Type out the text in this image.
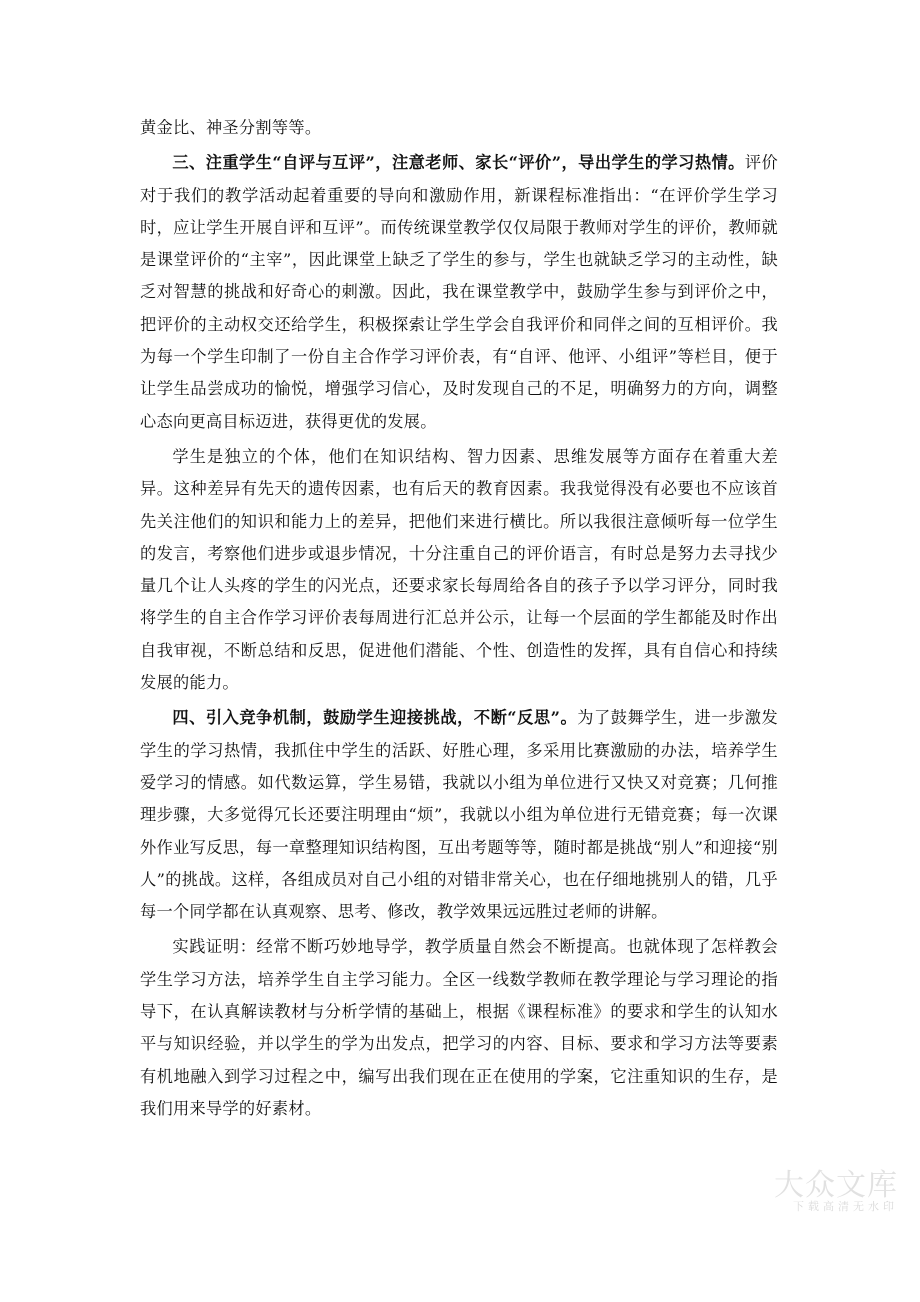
黄金比、神圣分割等等。

三、注重学生“自评与互评”，注意老师、家长“评价”，导出学生的学习热情。评价对于我们的教学活动起着重要的导向和激励作用，新课程标准指出：“在评价学生学习时，应让学生开展自评和互评”。而传统课堂教学仅仅局限于教师对学生的评价，教师就是课堂评价的“主宰”，因此课堂上缺乏了学生的参与，学生也就缺乏学习的主动性，缺乏对智慧的挑战和好奇心的刺激。因此，我在课堂教学中，鼓励学生参与到评价之中，把评价的主动权交还给学生，积极探索让学生学会自我评价和同伴之间的互相评价。我为每一个学生印制了一份自主合作学习评价表，有“自评、他评、小组评”等栏目，便于让学生品尝成功的愉悦，增强学习信心，及时发现自己的不足，明确努力的方向，调整心态向更高目标迈进，获得更优的发展。

学生是独立的个体，他们在知识结构、智力因素、思维发展等方面存在着重大差异。这种差异有先天的遗传因素，也有后天的教育因素。我我觉得没有必要也不应该首先关注他们的知识和能力上的差异，把他们来进行横比。所以我很注意倾听每一位学生的发言，考察他们进步或退步情况，十分注重自己的评价语言，有时总是努力去寻找少量几个让人头疼的学生的闪光点，还要求家长每周给各自的孩子予以学习评分，同时我将学生的自主合作学习评价表每周进行汇总并公示，让每一个层面的学生都能及时作出自我审视，不断总结和反思，促进他们潜能、个性、创造性的发挥，具有自信心和持续发展的能力。

四、引入竞争机制，鼓励学生迎接挑战，不断“反思”。为了鼓舞学生，进一步激发学生的学习热情，我抓住中学生的活跃、好胜心理，多采用比赛激励的办法，培养学生爱学习的情感。如代数运算，学生易错，我就以小组为单位进行又快又对竞赛；几何推理步骤，大多觉得冗长还要注明理由“烦”，我就以小组为单位进行无错竞赛；每一次课外作业写反思，每一章整理知识结构图，互出考题等等，随时都是挑战“别人”和迎接“别人”的挑战。这样，各组成员对自己小组的对错非常关心，也在仔细地挑别人的错，几乎每一个同学都在认真观察、思考、修改，教学效果远远胜过老师的讲解。

实践证明：经常不断巧妙地导学，教学质量自然会不断提高。也就体现了怎样教会学生学习方法，培养学生自主学习能力。全区一线数学教师在教学理论与学习理论的指导下，在认真解读教材与分析学情的基础上，根据《课程标准》的要求和学生的认知水平与知识经验，并以学生的学为出发点，把学习的内容、目标、要求和学习方法等要素有机地融入到学习过程之中，编写出我们现在正在使用的学案，它注重知识的生存，是我们用来导学的好素材。

大众文库
下载高清无水印
